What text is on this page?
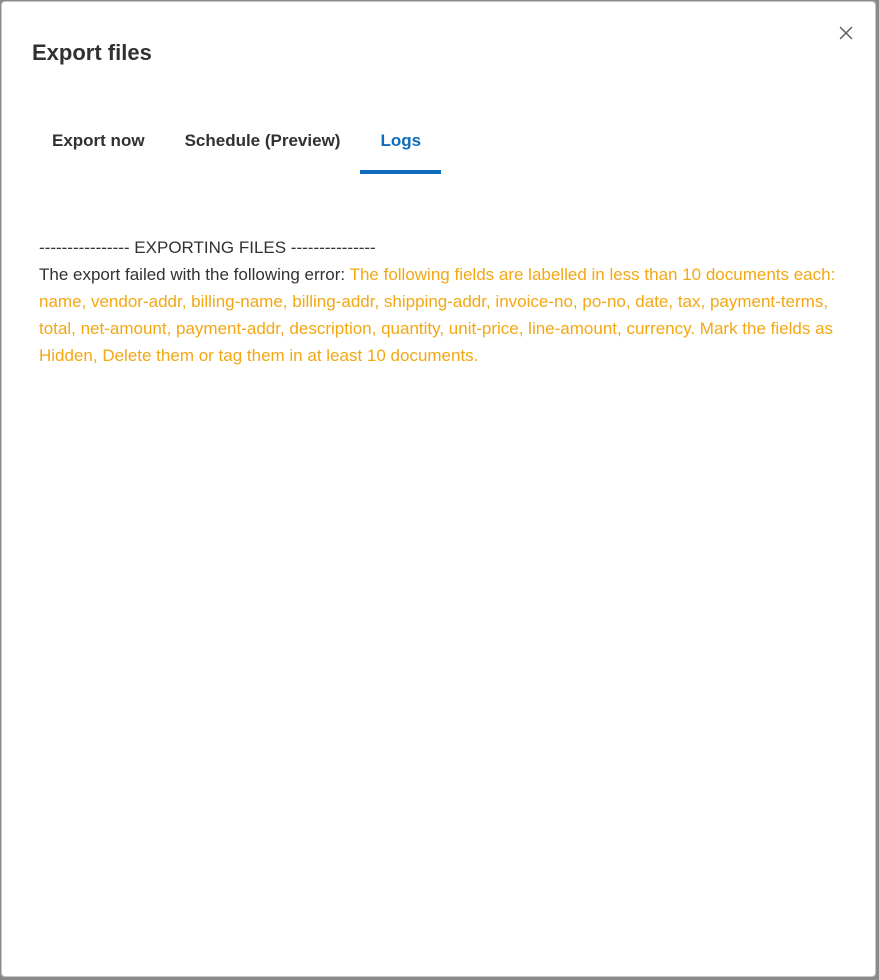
Export files
Export now Schedule (Preview) Logs
---------------- EXPORTING FILES ---------------
The export failed with the following error: The following fields are labelled in less than 10 documents each: name, vendor-addr, billing-name, billing-addr, shipping-addr, invoice-no, po-no, date, tax, payment-terms, total, net-amount, payment-addr, description, quantity, unit-price, line-amount, currency. Mark the fields as Hidden, Delete them or tag them in at least 10 documents.
